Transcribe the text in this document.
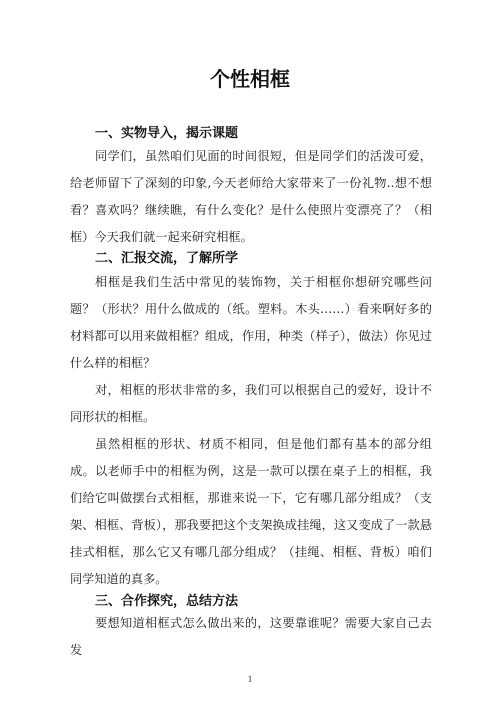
个性相框
一、实物导入，揭示课题

同学们，虽然咱们见面的时间很短，但是同学们的活泼可爱，给老师留下了深刻的印象,今天老师给大家带来了一份礼物..想不想看？喜欢吗？继续瞧，有什么变化？是什么使照片变漂亮了？（相框）今天我们就一起来研究相框。

二、汇报交流，了解所学

相框是我们生活中常见的装饰物，关于相框你想研究哪些问题？（形状？用什么做成的（纸。塑料。木头……）看来啊好多的材料都可以用来做相框？组成，作用，种类（样子），做法）你见过什么样的相框？

对，相框的形状非常的多，我们可以根据自己的爱好，设计不同形状的相框。

虽然相框的形状、材质不相同，但是他们都有基本的部分组成。以老师手中的相框为例，这是一款可以摆在桌子上的相框，我们给它叫做摆台式相框，那谁来说一下，它有哪几部分组成？（支架、相框、背板），那我要把这个支架换成挂绳，这又变成了一款悬挂式相框，那么它又有哪几部分组成？（挂绳、相框、背板）咱们同学知道的真多。

三、合作探究，总结方法

要想知道相框式怎么做出来的，这要靠谁呢？需要大家自己去发

1
